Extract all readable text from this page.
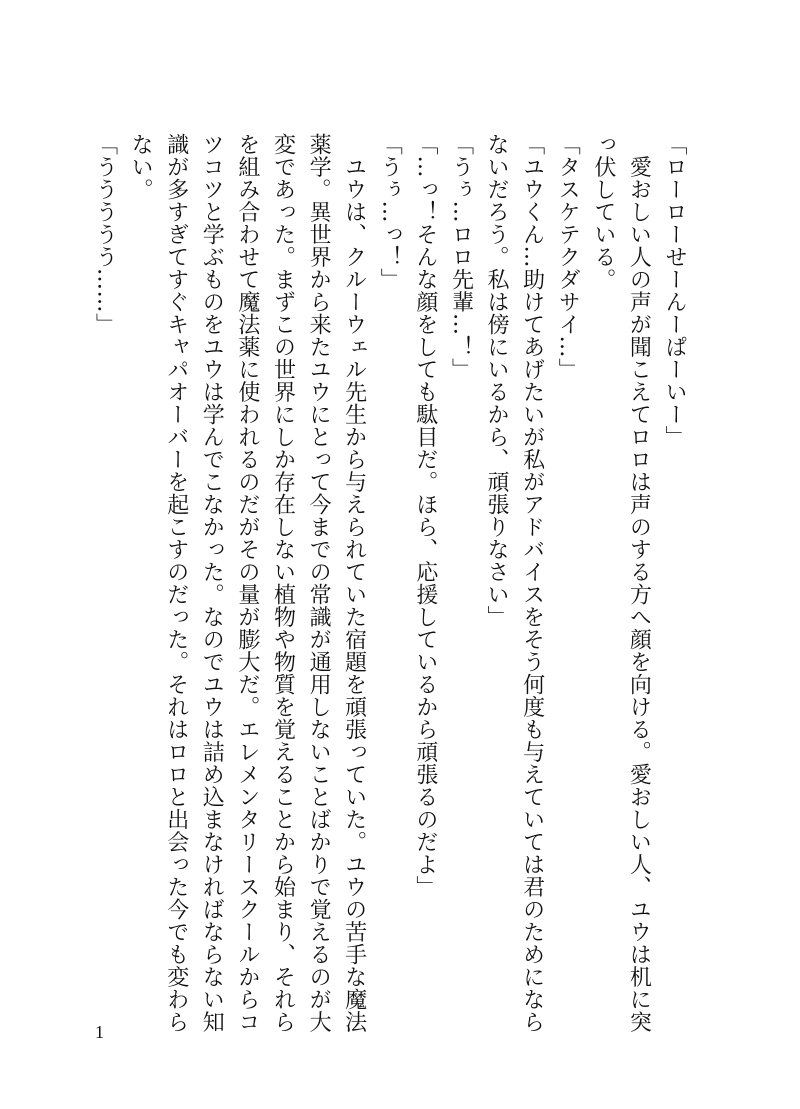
「ローローせーんーぱーいー」
　愛おしい人の声が聞こえてロロは声のする方へ顔を向ける。愛おしい人、ユウは机に突
っ伏している。
「タスケテクダサイ…」
「ユウくん…助けてあげたいが私がアドバイスをそう何度も与えていては君のためになら
ないだろう。私は傍にいるから、頑張りなさい」
「うぅ…ロロ先輩…！」
「…っ！そんな顔をしても駄目だ。ほら、応援しているから頑張るのだよ」
「うぅ…っ！」
　ユウは、クルーウェル先生から与えられていた宿題を頑張っていた。ユウの苦手な魔法
薬学。異世界から来たユウにとって今までの常識が通用しないことばかりで覚えるのが大
変であった。まずこの世界にしか存在しない植物や物質を覚えることから始まり、それら
を組み合わせて魔法薬に使われるのだがその量が膨大だ。エレメンタリースクールからコ
ツコツと学ぶものをユウは学んでこなかった。なのでユウは詰め込まなければならない知
識が多すぎてすぐキャパオーバーを起こすのだった。それはロロと出会った今でも変わら
ない。
「ううううう……」
1
